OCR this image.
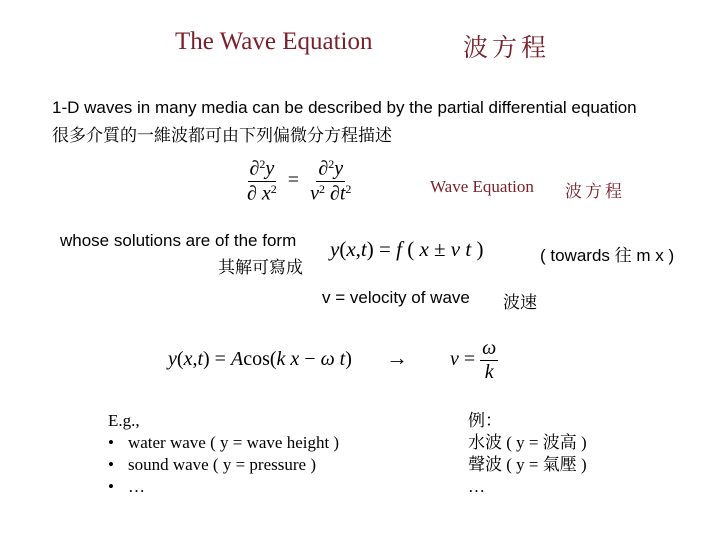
The Wave Equation	波方程
1-D waves in many media can be described by the partial differential equation
很多介質的一維波都可由下列偏微分方程描述
$\frac{\partial^2y}{\partial x^2} = \frac{\partial^2y}{v^2 \partial t^2}$	Wave Equation 波方程
whose solutions are of the form
其解可寫成
y(x,t) = f ( x ± v t )	( towards 往 m x )
v = velocity of wave 波速
y(x,t) = Acos(k x − ω $t) \to v = \frac{\omega}{k}$
E.g.,
• water wave ( y = wave height )
• sound wave ( y = pressure )
• …
例：
水波 ( y = 波高 )
聲波 ( y = 氣壓 )
…
